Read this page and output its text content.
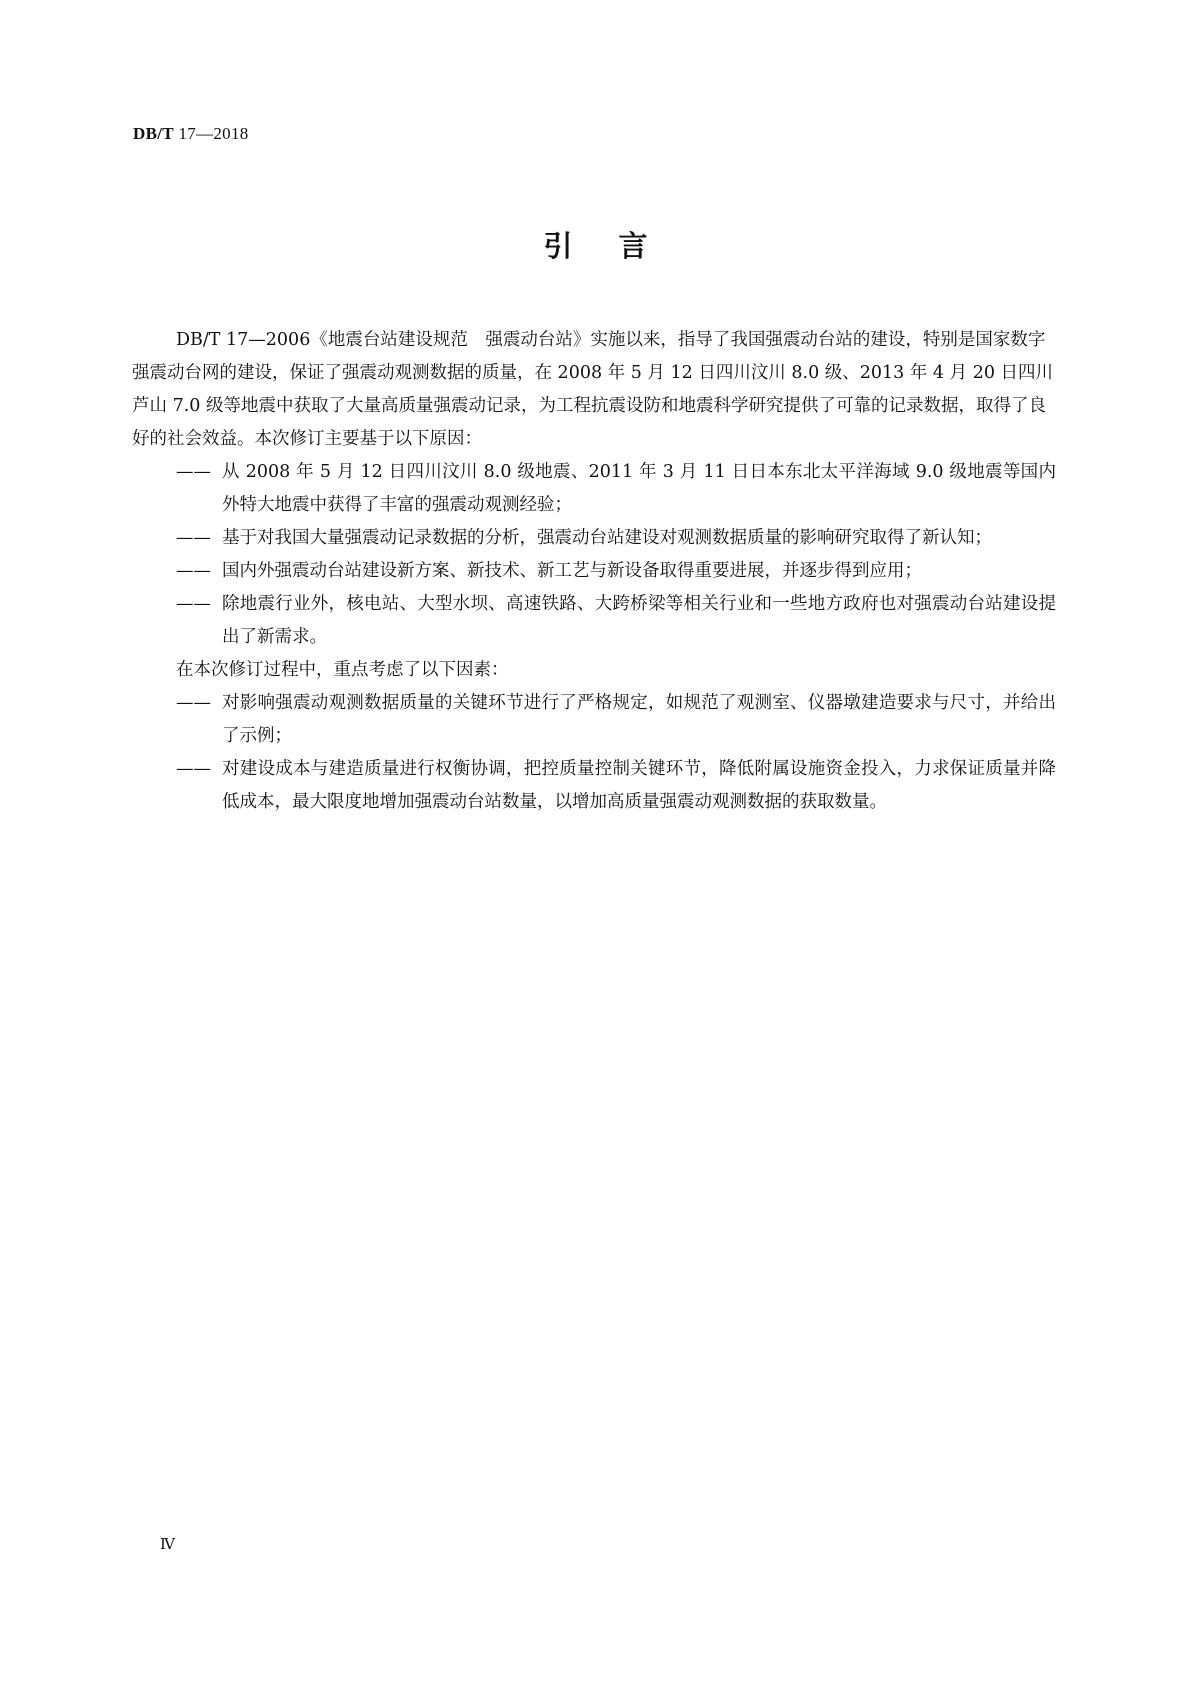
DB/T 17—2018
引言

DB/T 17—2006《地震台站建设规范　强震动台站》实施以来，指导了我国强震动台站的建设，特别是国家数字强震动台网的建设，保证了强震动观测数据的质量，在 2008 年 5 月 12 日四川汶川 8.0 级、2013 年 4 月 20 日四川芦山 7.0 级等地震中获取了大量高质量强震动记录，为工程抗震设防和地震科学研究提供了可靠的记录数据，取得了良好的社会效益。本次修订主要基于以下原因：

—— 从 2008 年 5 月 12 日四川汶川 8.0 级地震、2011 年 3 月 11 日日本东北太平洋海域 9.0 级地震等国内外特大地震中获得了丰富的强震动观测经验；

—— 基于对我国大量强震动记录数据的分析，强震动台站建设对观测数据质量的影响研究取得了新认知；

—— 国内外强震动台站建设新方案、新技术、新工艺与新设备取得重要进展，并逐步得到应用；

—— 除地震行业外，核电站、大型水坝、高速铁路、大跨桥梁等相关行业和一些地方政府也对强震动台站建设提出了新需求。

在本次修订过程中，重点考虑了以下因素：

—— 对影响强震动观测数据质量的关键环节进行了严格规定，如规范了观测室、仪器墩建造要求与尺寸，并给出了示例；

—— 对建设成本与建造质量进行权衡协调，把控质量控制关键环节，降低附属设施资金投入，力求保证质量并降低成本，最大限度地增加强震动台站数量，以增加高质量强震动观测数据的获取数量。

Ⅳ
